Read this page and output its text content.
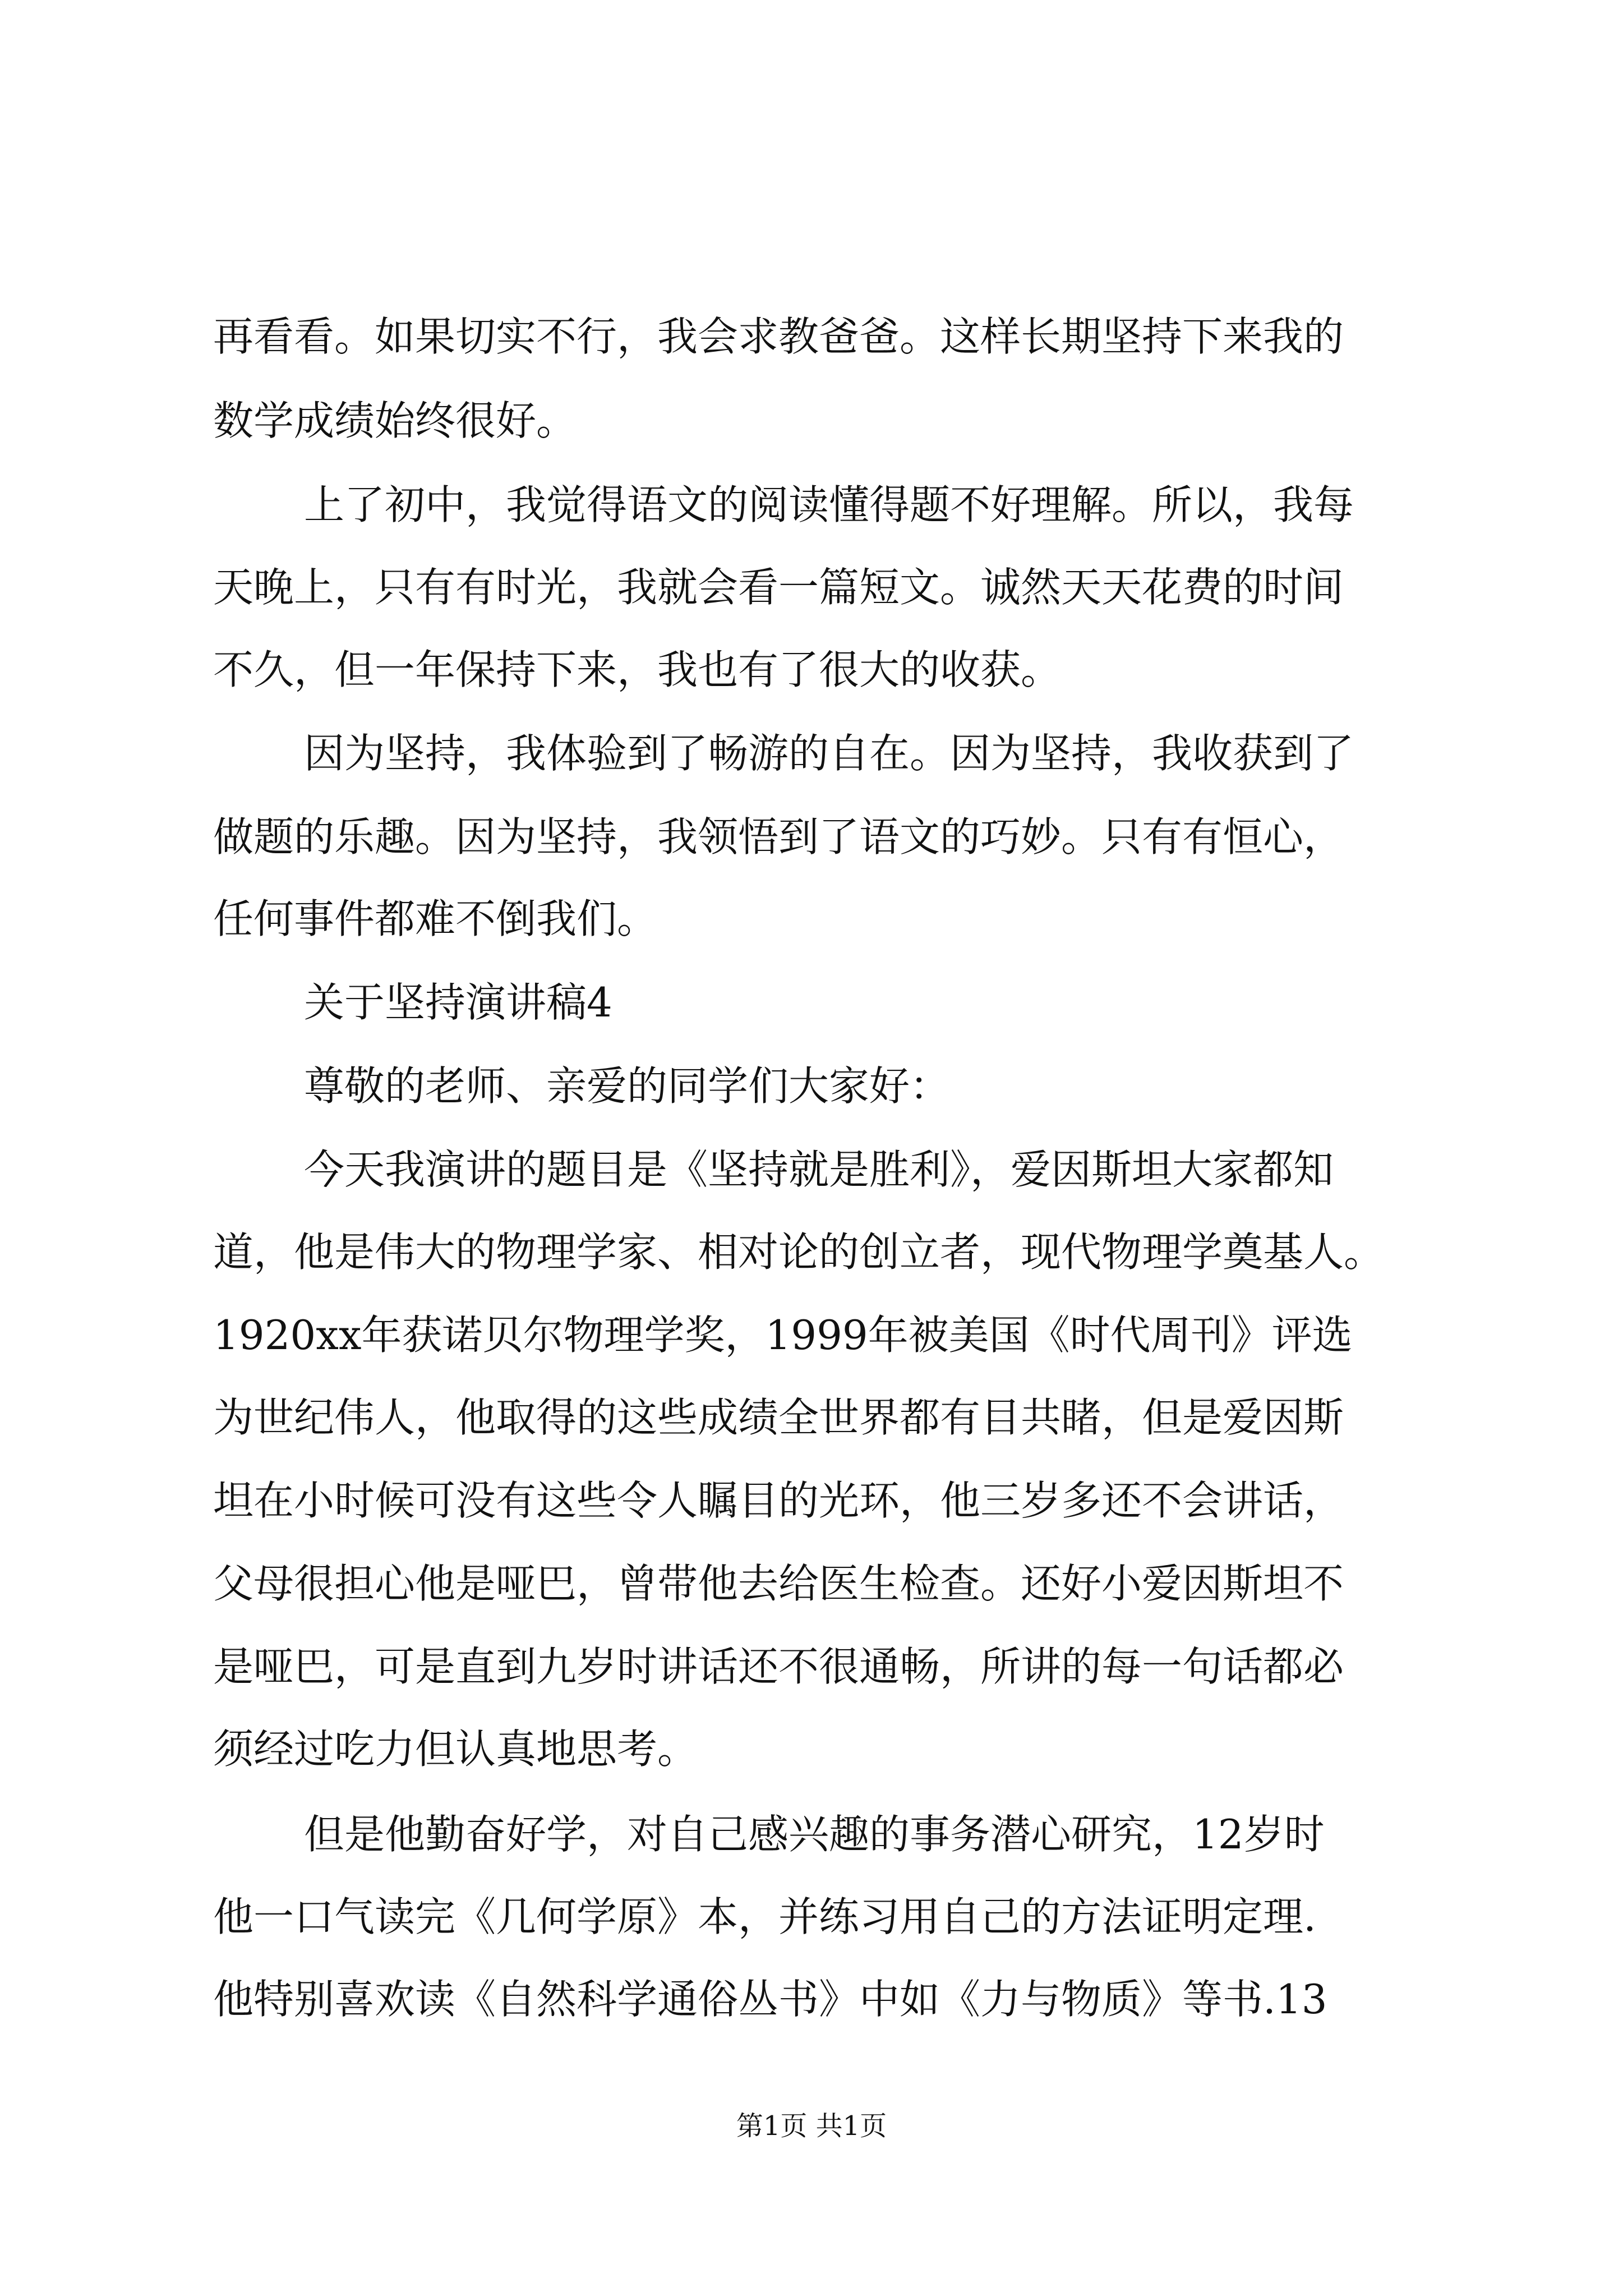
再看看。如果切实不行，我会求教爸爸。这样长期坚持下来我的
数学成绩始终很好。
上了初中，我觉得语文的阅读懂得题不好理解。所以，我每
天晚上，只有有时光，我就会看一篇短文。诚然天天花费的时间
不久，但一年保持下来，我也有了很大的收获。
因为坚持，我体验到了畅游的自在。因为坚持，我收获到了
做题的乐趣。因为坚持，我领悟到了语文的巧妙。只有有恒心，
任何事件都难不倒我们。
关于坚持演讲稿4
尊敬的老师、亲爱的同学们大家好：
今天我演讲的题目是《坚持就是胜利》，爱因斯坦大家都知
道，他是伟大的物理学家、相对论的创立者，现代物理学奠基人。
1920xx年获诺贝尔物理学奖，1999年被美国《时代周刊》评选
为世纪伟人，他取得的这些成绩全世界都有目共睹，但是爱因斯
坦在小时候可没有这些令人瞩目的光环，他三岁多还不会讲话，
父母很担心他是哑巴，曾带他去给医生检查。还好小爱因斯坦不
是哑巴，可是直到九岁时讲话还不很通畅，所讲的每一句话都必
须经过吃力但认真地思考。
但是他勤奋好学，对自己感兴趣的事务潜心研究，12岁时
他一口气读完《几何学原》本，并练习用自己的方法证明定理.
他特别喜欢读《自然科学通俗丛书》中如《力与物质》等书.13
第1页 共1页
